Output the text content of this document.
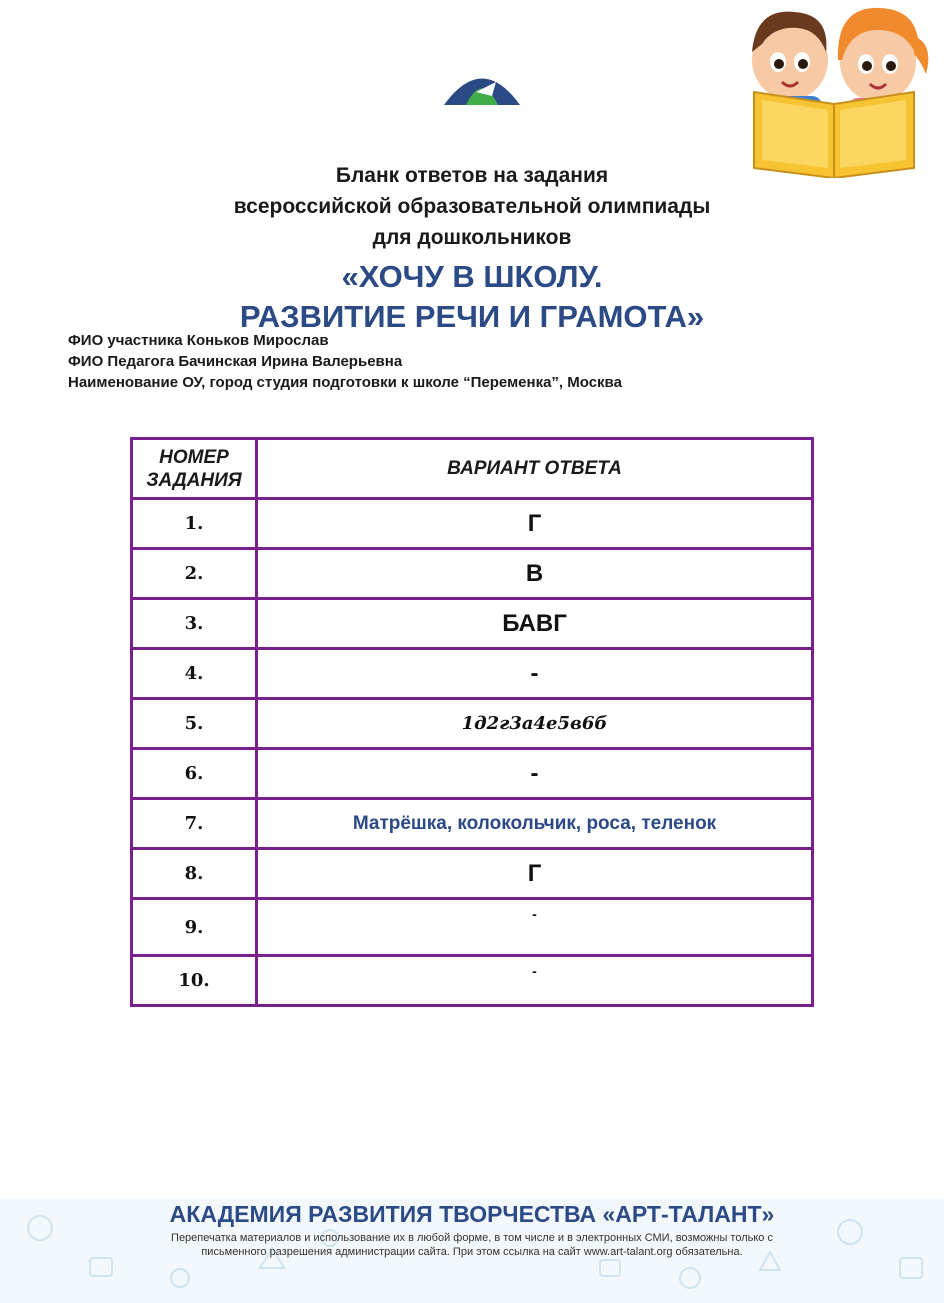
Бланк ответов на задания
всероссийской образовательной олимпиады
для дошкольников
«ХОЧУ В ШКОЛУ.
РАЗВИТИЕ РЕЧИ И ГРАМОТА»
ФИО участника Коньков Мирослав
ФИО Педагога Бачинская Ирина Валерьевна
Наименование ОУ, город студия подготовки к школе “Переменка”, Москва
НОМЕР
ЗАДАНИЯ	ВАРИАНТ ОТВЕТА
1.	Г
2.	В
3.	БАВГ
4.	-
5.	1д2г3а4е5в6б
6.	-
7.	Матрёшка, колокольчик, роса, теленок
8.	Г
9.	-
10.	-
АКАДЕМИЯ РАЗВИТИЯ ТВОРЧЕСТВА «АРТ-ТАЛАНТ»
Перепечатка материалов и использование их в любой форме, в том числе и в электронных СМИ, возможны только с
письменного разрешения администрации сайта. При этом ссылка на сайт www.art-talant.org обязательна.
